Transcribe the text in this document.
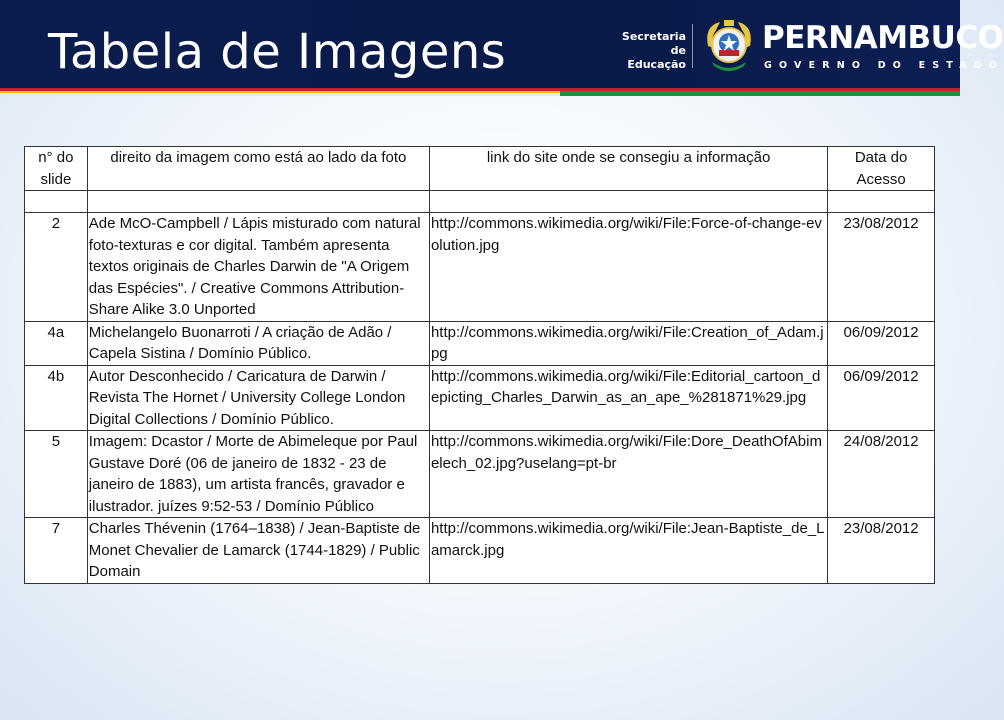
Tabela de Imagens	Secretaria de
Educação
PERNAMBUCO
GOVERNO DO ESTADO
n° do slide	direito da imagem como está ao lado da foto	link do site onde se consegiu a informação	Data do Acesso

2	Ade McO-Campbell / Lápis misturado com natural foto-texturas e cor digital. Também apresenta textos originais de Charles Darwin de "A Origem das Espécies". / Creative Commons Attribution-Share Alike 3.0 Unported	http://commons.wikimedia.org/wiki/File:Force-of-change-evolution.jpg	23/08/2012
4a	Michelangelo Buonarroti / A criação de Adão / Capela Sistina / Domínio Público.	http://commons.wikimedia.org/wiki/File:Creation_of_Adam.jpg	06/09/2012
4b	Autor Desconhecido / Caricatura de Darwin / Revista The Hornet / University College London Digital Collections / Domínio Público.	http://commons.wikimedia.org/wiki/File:Editorial_cartoon_depicting_Charles_Darwin_as_an_ape_%281871%29.jpg	06/09/2012
5	Imagem: Dcastor / Morte de Abimeleque por Paul Gustave Doré (06 de janeiro de 1832 - 23 de janeiro de 1883), um artista francês, gravador e ilustrador. juízes 9:52-53 / Domínio Público	http://commons.wikimedia.org/wiki/File:Dore_DeathOfAbimelech_02.jpg?uselang=pt-br	24/08/2012
7	Charles Thévenin (1764–1838) / Jean-Baptiste de Monet Chevalier de Lamarck (1744-1829) / Public Domain	http://commons.wikimedia.org/wiki/File:Jean-Baptiste_de_Lamarck.jpg	23/08/2012
